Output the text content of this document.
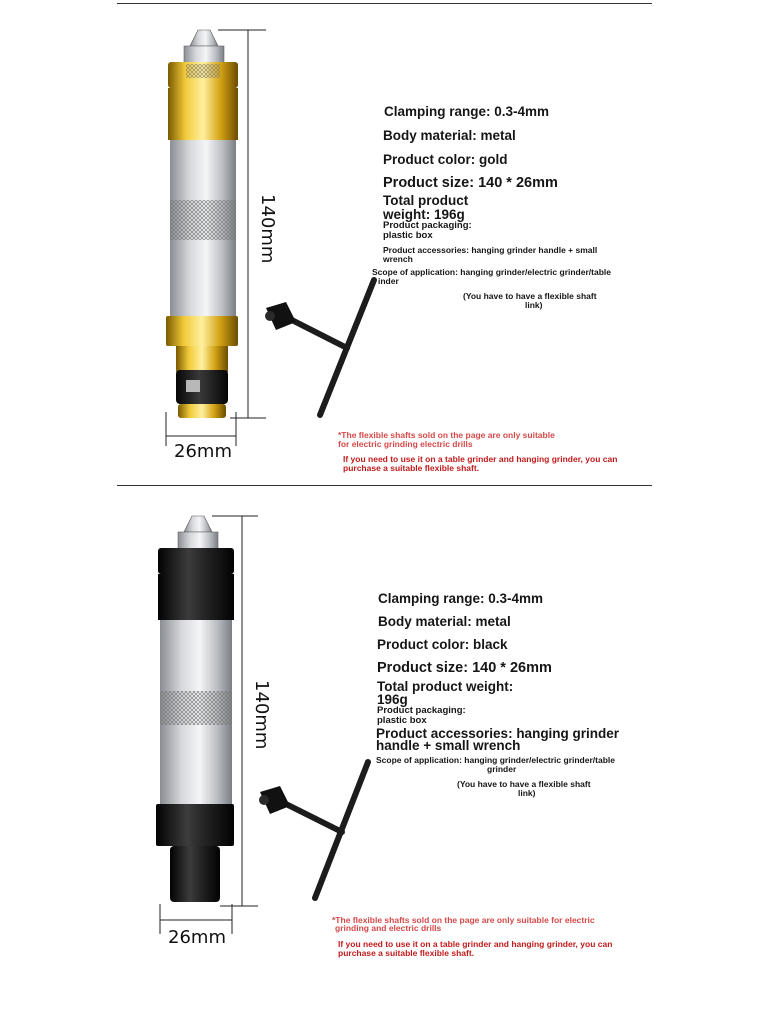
140mm
26mm
Clamping range: 0.3-4mm
Body material: metal
Product color: gold
Product size: 140 * 26mm
Total product
weight: 196g
Product packaging:
plastic box
Product accessories: hanging grinder handle + small
wrench
Scope of application: hanging grinder/electric grinder/table
inder
(You have to have a flexible shaft
link)
*The flexible shafts sold on the page are only suitable
for electric grinding electric drills
If you need to use it on a table grinder and hanging grinder, you can
purchase a suitable flexible shaft.
140mm
26mm
Clamping range: 0.3-4mm
Body material: metal
Product color: black
Product size: 140 * 26mm
Total product weight:
196g
Product packaging:
plastic box
Product accessories: hanging grinder
handle + small wrench
Scope of application: hanging grinder/electric grinder/table
grinder
(You have to have a flexible shaft
link)
*The flexible shafts sold on the page are only suitable for electric
grinding and electric drills
If you need to use it on a table grinder and hanging grinder, you can
purchase a suitable flexible shaft.
